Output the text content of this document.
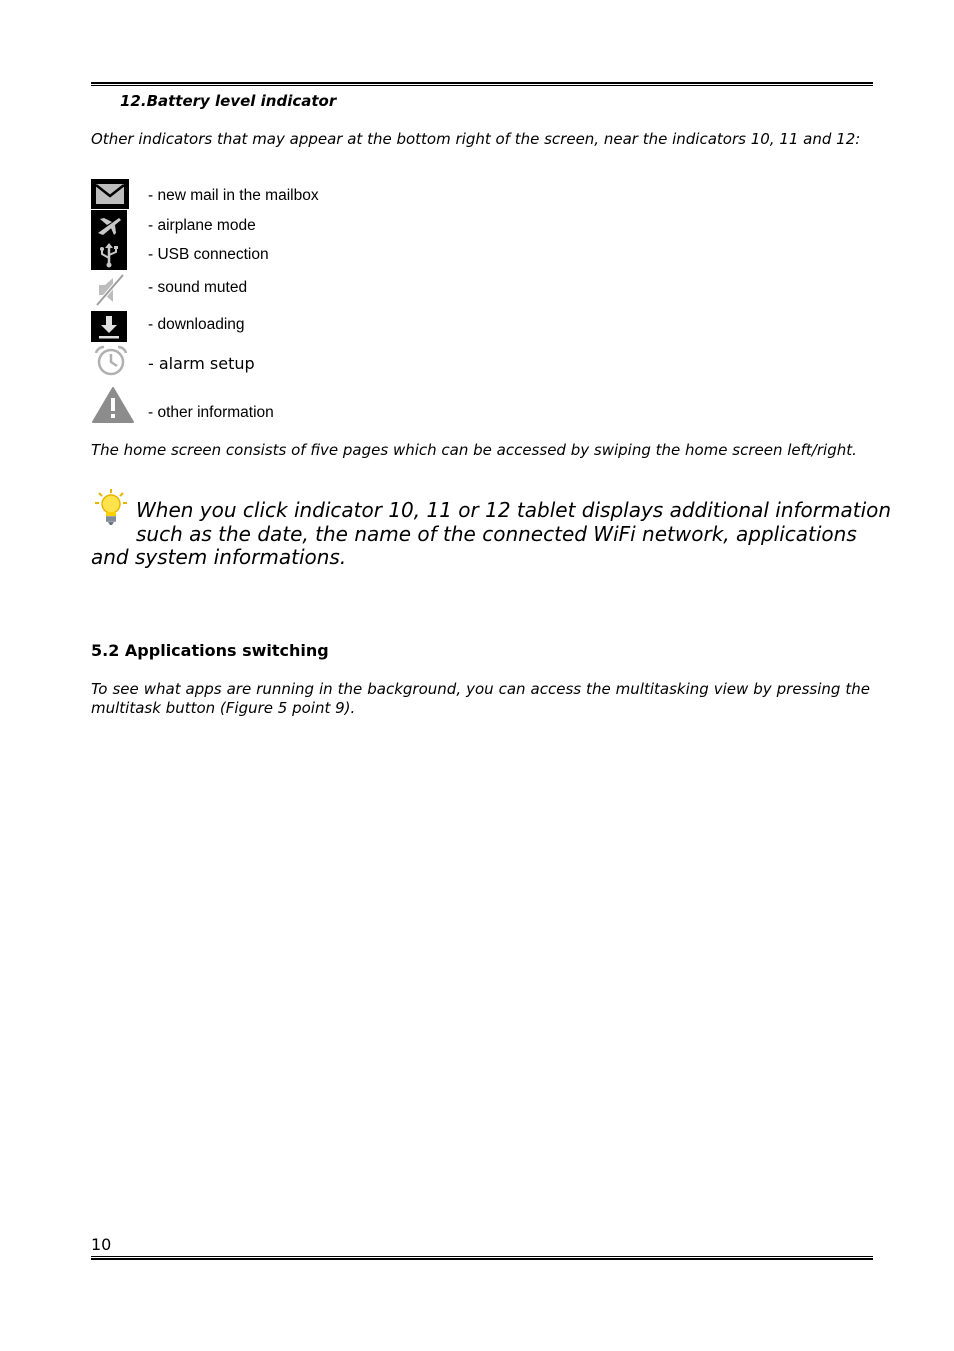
12.Battery level indicator
Other indicators that may appear at the bottom right of the screen, near the indicators 10, 11 and 12:
- new mail in the mailbox
- airplane mode
- USB connection
- sound muted
- downloading
- alarm setup
- other information
The home screen consists of five pages which can be accessed by swiping the home screen left/right.
When you click indicator 10, 11 or 12 tablet displays additional information
such as the date, the name of the connected WiFi network, applications
and system informations.
5.2 Applications switching
To see what apps are running in the background, you can access the multitasking view by pressing the multitask button (Figure 5 point 9).
10
